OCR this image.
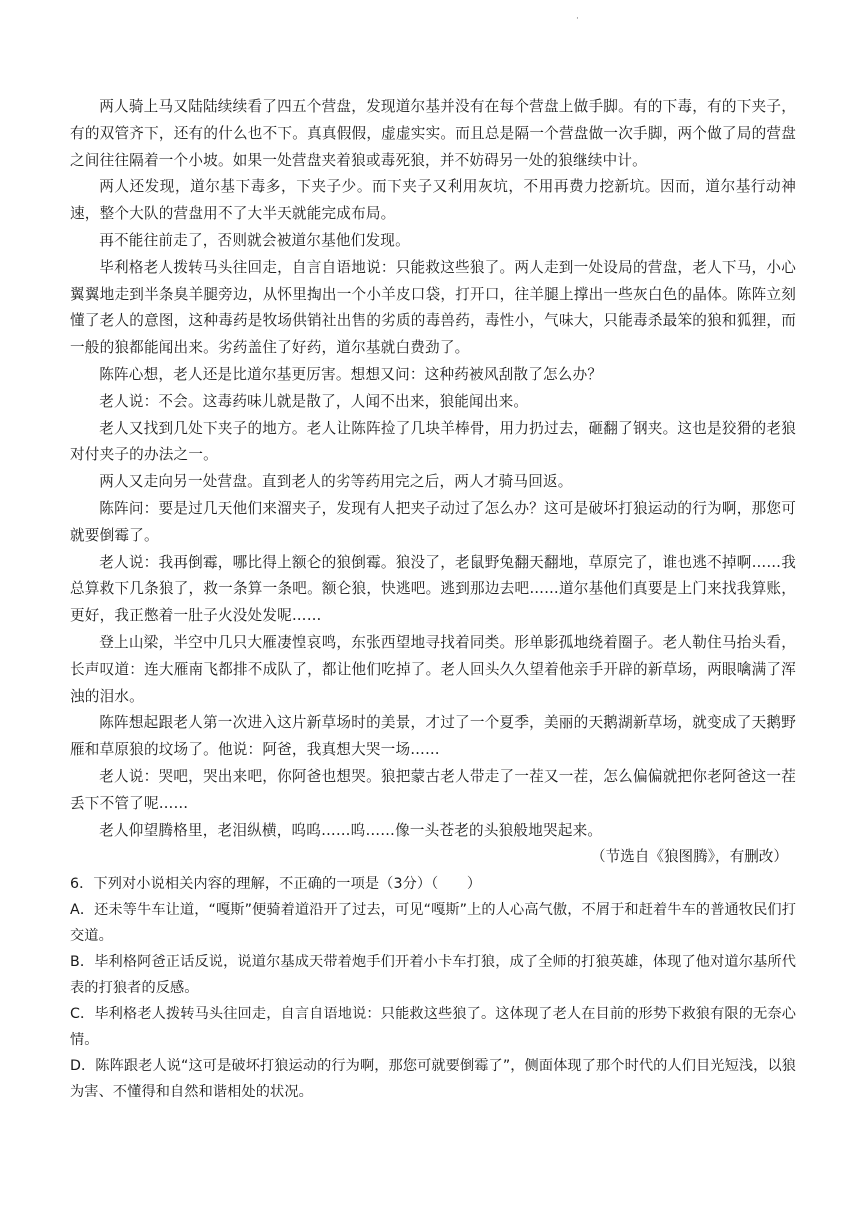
·

两人骑上马又陆陆续续看了四五个营盘，发现道尔基并没有在每个营盘上做手脚。有的下毒，有的下夹子，有的双管齐下，还有的什么也不下。真真假假，虚虚实实。而且总是隔一个营盘做一次手脚，两个做了局的营盘之间往往隔着一个小坡。如果一处营盘夹着狼或毒死狼，并不妨碍另一处的狼继续中计。

两人还发现，道尔基下毒多，下夹子少。而下夹子又利用灰坑，不用再费力挖新坑。因而，道尔基行动神速，整个大队的营盘用不了大半天就能完成布局。

再不能往前走了，否则就会被道尔基他们发现。

毕利格老人拨转马头往回走，自言自语地说：只能救这些狼了。两人走到一处设局的营盘，老人下马，小心翼翼地走到半条臭羊腿旁边，从怀里掏出一个小羊皮口袋，打开口，往羊腿上撑出一些灰白色的晶体。陈阵立刻懂了老人的意图，这种毒药是牧场供销社出售的劣质的毒兽药，毒性小，气味大，只能毒杀最笨的狼和狐狸，而一般的狼都能闻出来。劣药盖住了好药，道尔基就白费劲了。

陈阵心想，老人还是比道尔基更厉害。想想又问：这种药被风刮散了怎么办？

老人说：不会。这毒药味儿就是散了，人闻不出来，狼能闻出来。

老人又找到几处下夹子的地方。老人让陈阵捡了几块羊棒骨，用力扔过去，砸翻了钢夹。这也是狡猾的老狼对付夹子的办法之一。

两人又走向另一处营盘。直到老人的劣等药用完之后，两人才骑马回返。

陈阵问：要是过几天他们来溜夹子，发现有人把夹子动过了怎么办？这可是破坏打狼运动的行为啊，那您可就要倒霉了。

老人说：我再倒霉，哪比得上额仑的狼倒霉。狼没了，老鼠野兔翻天翻地，草原完了，谁也逃不掉啊……我总算救下几条狼了，救一条算一条吧。额仑狼，快逃吧。逃到那边去吧……道尔基他们真要是上门来找我算账，更好，我正憋着一肚子火没处发呢……

登上山梁，半空中几只大雁凄惶哀鸣，东张西望地寻找着同类。形单影孤地绕着圈子。老人勒住马抬头看，长声叹道：连大雁南飞都排不成队了，都让他们吃掉了。老人回头久久望着他亲手开辟的新草场，两眼噙满了浑浊的泪水。

陈阵想起跟老人第一次进入这片新草场时的美景，才过了一个夏季，美丽的天鹅湖新草场，就变成了天鹅野雁和草原狼的坟场了。他说：阿爸，我真想大哭一场……

老人说：哭吧，哭出来吧，你阿爸也想哭。狼把蒙古老人带走了一茬又一茬，怎么偏偏就把你老阿爸这一茬丢下不管了呢……

老人仰望腾格里，老泪纵横，呜呜……呜……像一头苍老的头狼般地哭起来。

（节选自《狼图腾》，有删改）

6．下列对小说相关内容的理解，不正确的一项是（3分）（　　）

A．还未等牛车让道，“嘎斯”便骑着道沿开了过去，可见“嘎斯”上的人心高气傲，不屑于和赶着牛车的普通牧民们打交道。

B．毕利格阿爸正话反说，说道尔基成天带着炮手们开着小卡车打狼，成了全师的打狼英雄，体现了他对道尔基所代表的打狼者的反感。

C．毕利格老人拨转马头往回走，自言自语地说：只能救这些狼了。这体现了老人在目前的形势下救狼有限的无奈心情。

D．陈阵跟老人说“这可是破坏打狼运动的行为啊，那您可就要倒霉了”，侧面体现了那个时代的人们目光短浅，以狼为害、不懂得和自然和谐相处的状况。
